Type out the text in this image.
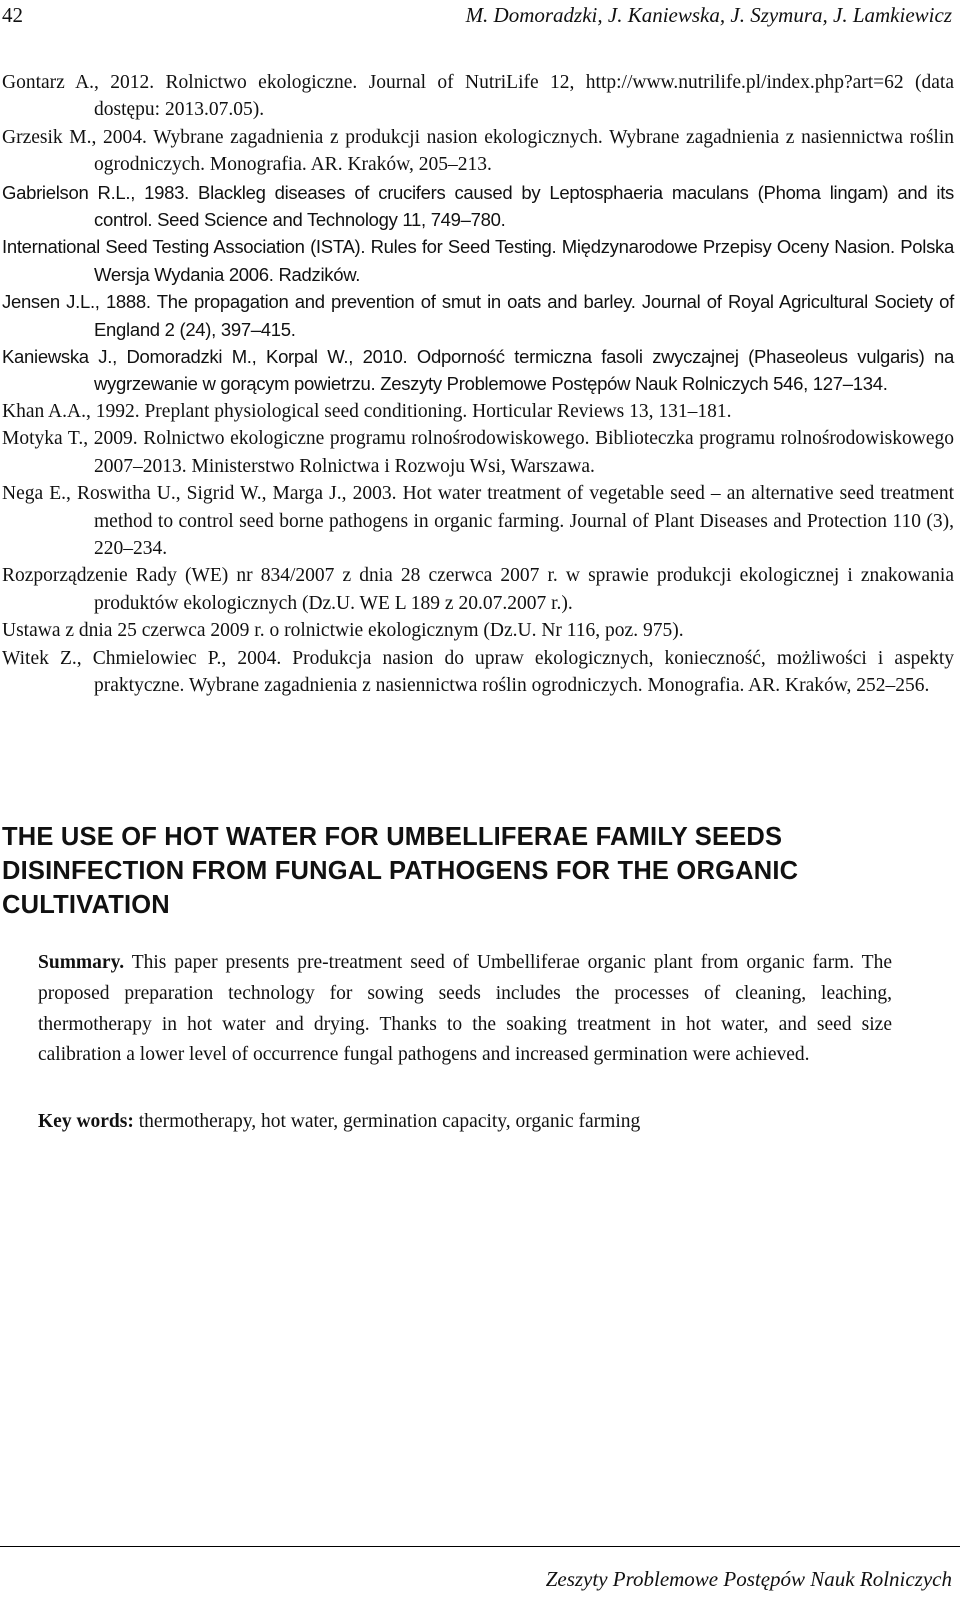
42	M. Domoradzki, J. Kaniewska, J. Szymura, J. Lamkiewicz
Gontarz A., 2012. Rolnictwo ekologiczne. Journal of NutriLife 12, http://www.nutrilife.pl/index.php?art=62 (data dostępu: 2013.07.05).
Grzesik M., 2004. Wybrane zagadnienia z produkcji nasion ekologicznych. Wybrane zagadnienia z nasiennictwa roślin ogrodniczych. Monografia. AR. Kraków, 205–213.
Gabrielson R.L., 1983. Blackleg diseases of crucifers caused by Leptosphaeria maculans (Phoma lingam) and its control. Seed Science and Technology 11, 749–780.
International Seed Testing Association (ISTA). Rules for Seed Testing. Międzynarodowe Przepisy Oceny Nasion. Polska Wersja Wydania 2006. Radzików.
Jensen J.L., 1888. The propagation and prevention of smut in oats and barley. Journal of Royal Agricultural Society of England 2 (24), 397–415.
Kaniewska J., Domoradzki M., Korpal W., 2010. Odporność termiczna fasoli zwyczajnej (Phaseoleus vulgaris) na wygrzewanie w gorącym powietrzu. Zeszyty Problemowe Postępów Nauk Rolniczych 546, 127–134.
Khan A.A., 1992. Preplant physiological seed conditioning. Horticular Reviews 13, 131–181.
Motyka T., 2009. Rolnictwo ekologiczne programu rolnośrodowiskowego. Biblioteczka programu rolnośrodowiskowego 2007–2013. Ministerstwo Rolnictwa i Rozwoju Wsi, Warszawa.
Nega E., Roswitha U., Sigrid W., Marga J., 2003. Hot water treatment of vegetable seed – an alternative seed treatment method to control seed borne pathogens in organic farming. Journal of Plant Diseases and Protection 110 (3), 220–234.
Rozporządzenie Rady (WE) nr 834/2007 z dnia 28 czerwca 2007 r. w sprawie produkcji ekologicznej i znakowania produktów ekologicznych (Dz.U. WE L 189 z 20.07.2007 r.).
Ustawa z dnia 25 czerwca 2009 r. o rolnictwie ekologicznym (Dz.U. Nr 116, poz. 975).
Witek Z., Chmielowiec P., 2004. Produkcja nasion do upraw ekologicznych, konieczność, możliwości i aspekty praktyczne. Wybrane zagadnienia z nasiennictwa roślin ogrodniczych. Monografia. AR. Kraków, 252–256.
THE USE OF HOT WATER FOR UMBELLIFERAE FAMILY SEEDS DISINFECTION FROM FUNGAL PATHOGENS FOR THE ORGANIC CULTIVATION

Summary. This paper presents pre-treatment seed of Umbelliferae organic plant from organic farm. The proposed preparation technology for sowing seeds includes the processes of cleaning, leaching, thermotherapy in hot water and drying. Thanks to the soaking treatment in hot water, and seed size calibration a lower level of occurrence fungal pathogens and increased germination were achieved.

Key words: thermotherapy, hot water, germination capacity, organic farming

Zeszyty Problemowe Postępów Nauk Rolniczych
